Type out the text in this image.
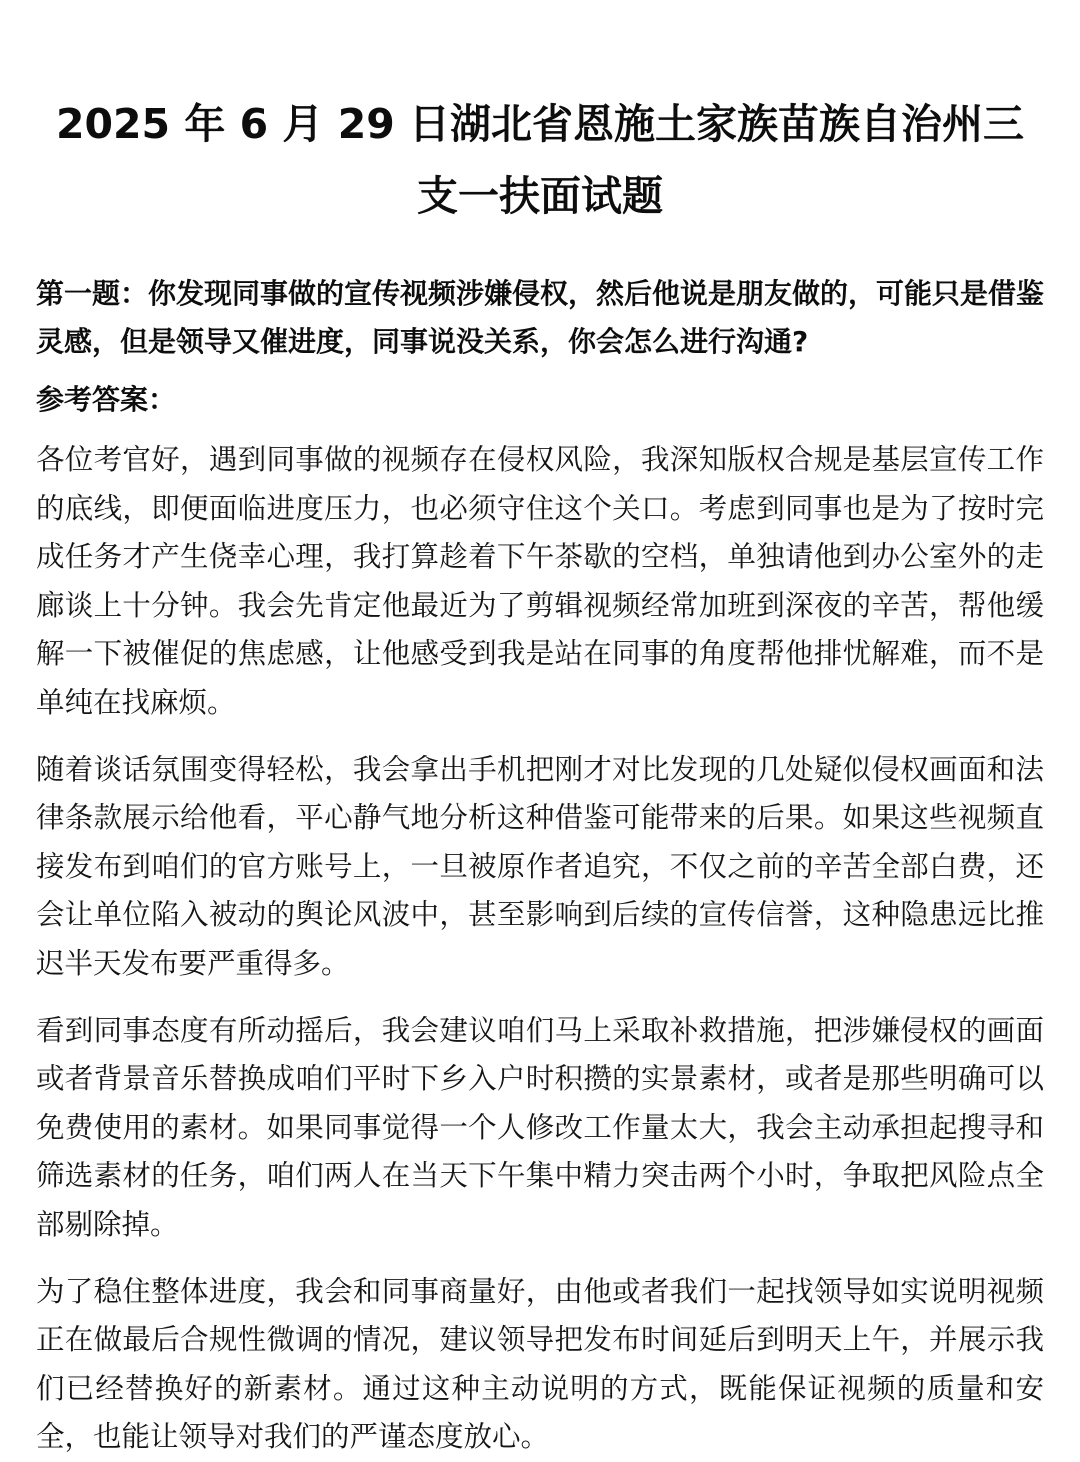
2025 年 6 月 29 日湖北省恩施土家族苗族自治州三支一扶面试题

第一题：你发现同事做的宣传视频涉嫌侵权，然后他说是朋友做的，可能只是借鉴灵感，但是领导又催进度，同事说没关系，你会怎么进行沟通?

参考答案：

各位考官好，遇到同事做的视频存在侵权风险，我深知版权合规是基层宣传工作的底线，即便面临进度压力，也必须守住这个关口。考虑到同事也是为了按时完成任务才产生侥幸心理，我打算趁着下午茶歇的空档，单独请他到办公室外的走廊谈上十分钟。我会先肯定他最近为了剪辑视频经常加班到深夜的辛苦，帮他缓解一下被催促的焦虑感，让他感受到我是站在同事的角度帮他排忧解难，而不是单纯在找麻烦。

随着谈话氛围变得轻松，我会拿出手机把刚才对比发现的几处疑似侵权画面和法律条款展示给他看，平心静气地分析这种借鉴可能带来的后果。如果这些视频直接发布到咱们的官方账号上，一旦被原作者追究，不仅之前的辛苦全部白费，还会让单位陷入被动的舆论风波中，甚至影响到后续的宣传信誉，这种隐患远比推迟半天发布要严重得多。

看到同事态度有所动摇后，我会建议咱们马上采取补救措施，把涉嫌侵权的画面或者背景音乐替换成咱们平时下乡入户时积攒的实景素材，或者是那些明确可以免费使用的素材。如果同事觉得一个人修改工作量太大，我会主动承担起搜寻和筛选素材的任务，咱们两人在当天下午集中精力突击两个小时，争取把风险点全部剔除掉。

为了稳住整体进度，我会和同事商量好，由他或者我们一起找领导如实说明视频正在做最后合规性微调的情况，建议领导把发布时间延后到明天上午，并展示我们已经替换好的新素材。通过这种主动说明的方式，既能保证视频的质量和安全，也能让领导对我们的严谨态度放心。
